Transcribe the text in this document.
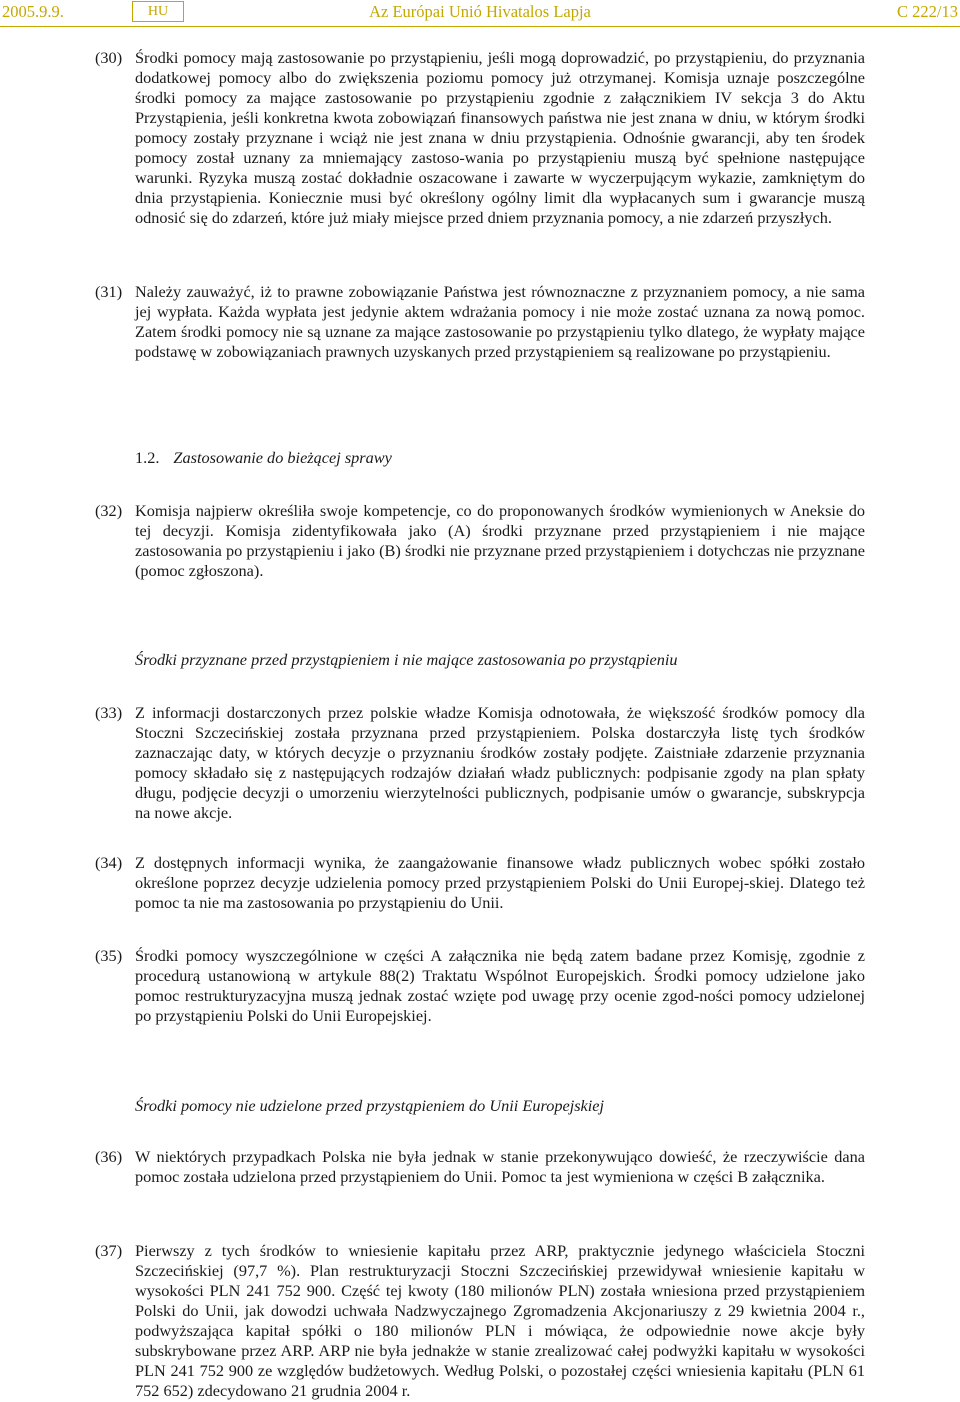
2005.9.9.	HU	Az Európai Unió Hivatalos Lapja	C 222/13
(30) Środki pomocy mają zastosowanie po przystąpieniu, jeśli mogą doprowadzić, po przystąpieniu, do przyznania dodatkowej pomocy albo do zwiększenia poziomu pomocy już otrzymanej. Komisja uznaje poszczególne środki pomocy za mające zastosowanie po przystąpieniu zgodnie z załącznikiem IV sekcja 3 do Aktu Przystąpienia, jeśli konkretna kwota zobowiązań finansowych państwa nie jest znana w dniu, w którym środki pomocy zostały przyznane i wciąż nie jest znana w dniu przystąpienia. Odnośnie gwarancji, aby ten środek pomocy został uznany za mniemający zastoso-wania po przystąpieniu muszą być spełnione następujące warunki. Ryzyka muszą zostać dokładnie oszacowane i zawarte w wyczerpującym wykazie, zamkniętym do dnia przystąpienia. Koniecznie musi być określony ogólny limit dla wypłacanych sum i gwarancje muszą odnosić się do zdarzeń, które już miały miejsce przed dniem przyznania pomocy, a nie zdarzeń przyszłych.
(31) Należy zauważyć, iż to prawne zobowiązanie Państwa jest równoznaczne z przyznaniem pomocy, a nie sama jej wypłata. Każda wypłata jest jedynie aktem wdrażania pomocy i nie może zostać uznana za nową pomoc. Zatem środki pomocy nie są uznane za mające zastosowanie po przystąpieniu tylko dlatego, że wypłaty mające podstawę w zobowiązaniach prawnych uzyskanych przed przystąpieniem są realizowane po przystąpieniu.
1.2. Zastosowanie do bieżącej sprawy
(32) Komisja najpierw określiła swoje kompetencje, co do proponowanych środków wymienionych w Aneksie do tej decyzji. Komisja zidentyfikowała jako (A) środki przyznane przed przystąpieniem i nie mające zastosowania po przystąpieniu i jako (B) środki nie przyznane przed przystąpieniem i dotychczas nie przyznane (pomoc zgłoszona).
Środki przyznane przed przystąpieniem i nie mające zastosowania po przystąpieniu
(33) Z informacji dostarczonych przez polskie władze Komisja odnotowała, że większość środków pomocy dla Stoczni Szczecińskiej została przyznana przed przystąpieniem. Polska dostarczyła listę tych środków zaznaczając daty, w których decyzje o przyznaniu środków zostały podjęte. Zaistniałe zdarzenie przyznania pomocy składało się z następujących rodzajów działań władz publicznych: podpisanie zgody na plan spłaty długu, podjęcie decyzji o umorzeniu wierzytelności publicznych, podpisanie umów o gwarancje, subskrypcja na nowe akcje.
(34) Z dostępnych informacji wynika, że zaangażowanie finansowe władz publicznych wobec spółki zostało określone poprzez decyzje udzielenia pomocy przed przystąpieniem Polski do Unii Europej-skiej. Dlatego też pomoc ta nie ma zastosowania po przystąpieniu do Unii.
(35) Środki pomocy wyszczególnione w części A załącznika nie będą zatem badane przez Komisję, zgodnie z procedurą ustanowioną w artykule 88(2) Traktatu Wspólnot Europejskich. Środki pomocy udzielone jako pomoc restrukturyzacyjna muszą jednak zostać wzięte pod uwagę przy ocenie zgod-ności pomocy udzielonej po przystąpieniu Polski do Unii Europejskiej.
Środki pomocy nie udzielone przed przystąpieniem do Unii Europejskiej
(36) W niektórych przypadkach Polska nie była jednak w stanie przekonywująco dowieść, że rzeczywiście dana pomoc została udzielona przed przystąpieniem do Unii. Pomoc ta jest wymieniona w części B załącznika.
(37) Pierwszy z tych środków to wniesienie kapitału przez ARP, praktycznie jedynego właściciela Stoczni Szczecińskiej (97,7 %). Plan restrukturyzacji Stoczni Szczecińskiej przewidywał wniesienie kapitału w wysokości PLN 241 752 900. Część tej kwoty (180 milionów PLN) została wniesiona przed przystąpieniem Polski do Unii, jak dowodzi uchwała Nadzwyczajnego Zgromadzenia Akcjonariuszy z 29 kwietnia 2004 r., podwyższająca kapitał spółki o 180 milionów PLN i mówiąca, że odpowiednie nowe akcje były subskrybowane przez ARP. ARP nie była jednakże w stanie zrealizować całej podwyżki kapitału w wysokości PLN 241 752 900 ze względów budżetowych. Według Polski, o pozostałej części wniesienia kapitału (PLN 61 752 652) zdecydowano 21 grudnia 2004 r.
